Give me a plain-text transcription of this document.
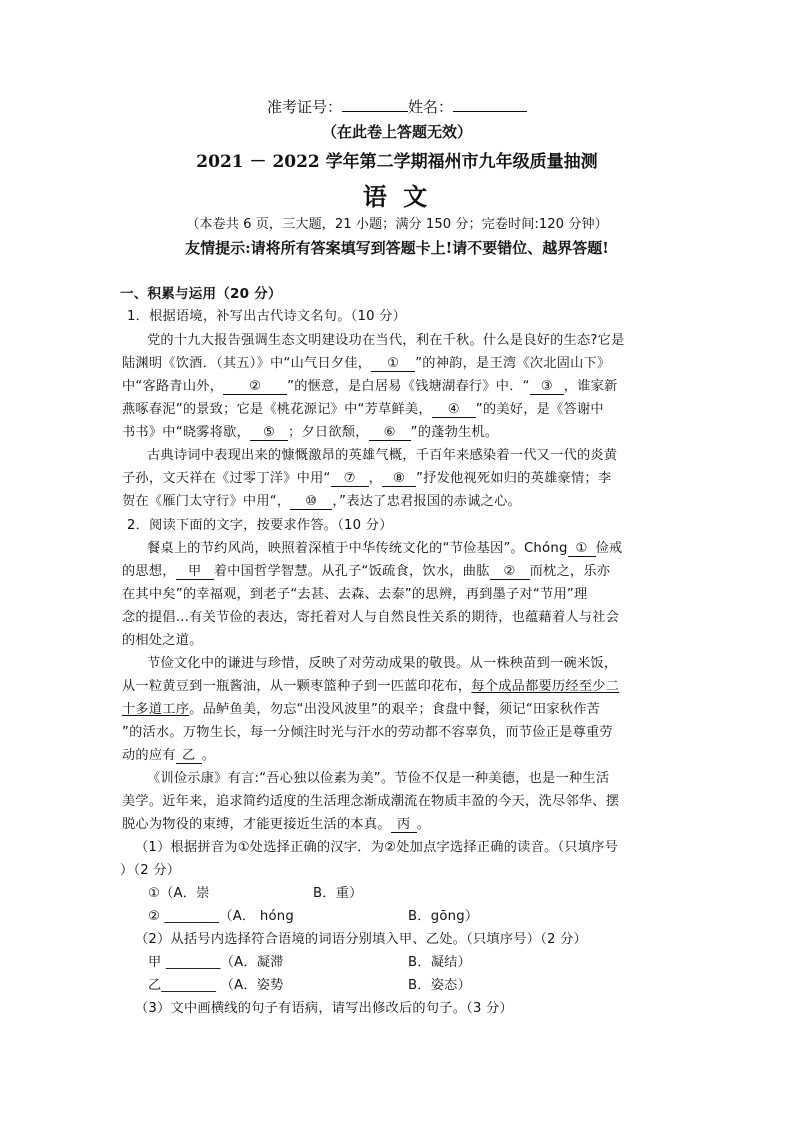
准考证号：	姓名：
（在此卷上答题无效）
2021 － 2022 学年第二学期福州市九年级质量抽测
语 文
（本卷共 6 页，三大题，21 小题；满分 150 分；完卷时间:120 分钟）
友情提示:请将所有答案填写到答题卡上!请不要错位、越界答题!
一、积累与运用（20 分）
1．根据语境，补写出古代诗文名句。（10 分）
党的十九大报告强调生态文明建设功在当代，利在千秋。什么是良好的生态?它是
陆渊明《饮酒．（其五）》中“山气日夕佳， ① ”的神韵，是王湾《次北固山下》
中“客路青山外， ② ”的惬意，是白居易《钱塘湖春行》中．“ ③ ，谁家新
燕啄春泥”的景致；它是《桃花源记》中“芳草鲜美， ④ ”的美好，是《答谢中
书书》中“晓雾将歇， ⑤ ；夕日欲颓， ⑥ ”的蓬勃生机。
古典诗词中表现出来的慷慨激昂的英雄气概，千百年来感染着一代又一代的炎黄
子孙，文天祥在《过零丁洋》中用“ ⑦ ， ⑧ ”抒发他视死如归的英雄豪情；李
贺在《雁门太守行》中用“， ⑩ ，”表达了忠君报国的赤诚之心。
2．阅读下面的文字，按要求作答。（10 分）
餐桌上的节约风尚，映照着深植于中华传统文化的“节俭基因”。Chóng ① 俭戒
的思想， 甲 着中国哲学智慧。从孔子“饭疏食，饮水，曲肱 ② 而枕之，乐亦
在其中矣”的幸福观，到老子“去甚、去森、去泰”的思辨，再到墨子对“节用”理
念的提倡…有关节俭的表达，寄托着对人与自然良性关系的期待，也蕴藉着人与社会
的相处之道。
节俭文化中的谦进与珍惜，反映了对劳动成果的敬畏。从一株秧苗到一碗米饭，
从一粒黄豆到一瓶酱油，从一颗枣篮种子到一匹蓝印花布，每个成品都要历经至少二
十多道工序。品鲈鱼美，勿忘“出没风波里”的艰辛；食盘中餐，须记“田家秋作苦
”的活水。万物生长，每一分倾注时光与汗水的劳动都不容辜负，而节俭正是尊重劳
动的应有 乙 。
《训俭示康》有言:“吾心独以俭素为美”。节俭不仅是一种美德，也是一种生活
美学。近年来，追求简约适度的生活理念渐成潮流在物质丰盈的今天，洗尽邻华、摆
脱心为物役的束缚，才能更接近生活的本真。 丙 。
（1）根据拼音为①处选择正确的汉字．为②处加点字选择正确的读音。（只填序号
）（2 分）
①（A．崇	B．重）
② ________（A． hóng	B．gōng）
（2）从括号内选择符合语境的词语分别填入甲、乙处。（只填序号）（2 分）
甲 ________（A．凝滞	B．凝结）
乙________ （A．姿势	B．姿态）
（3）文中画横线的句子有语病，请写出修改后的句子。（3 分）
